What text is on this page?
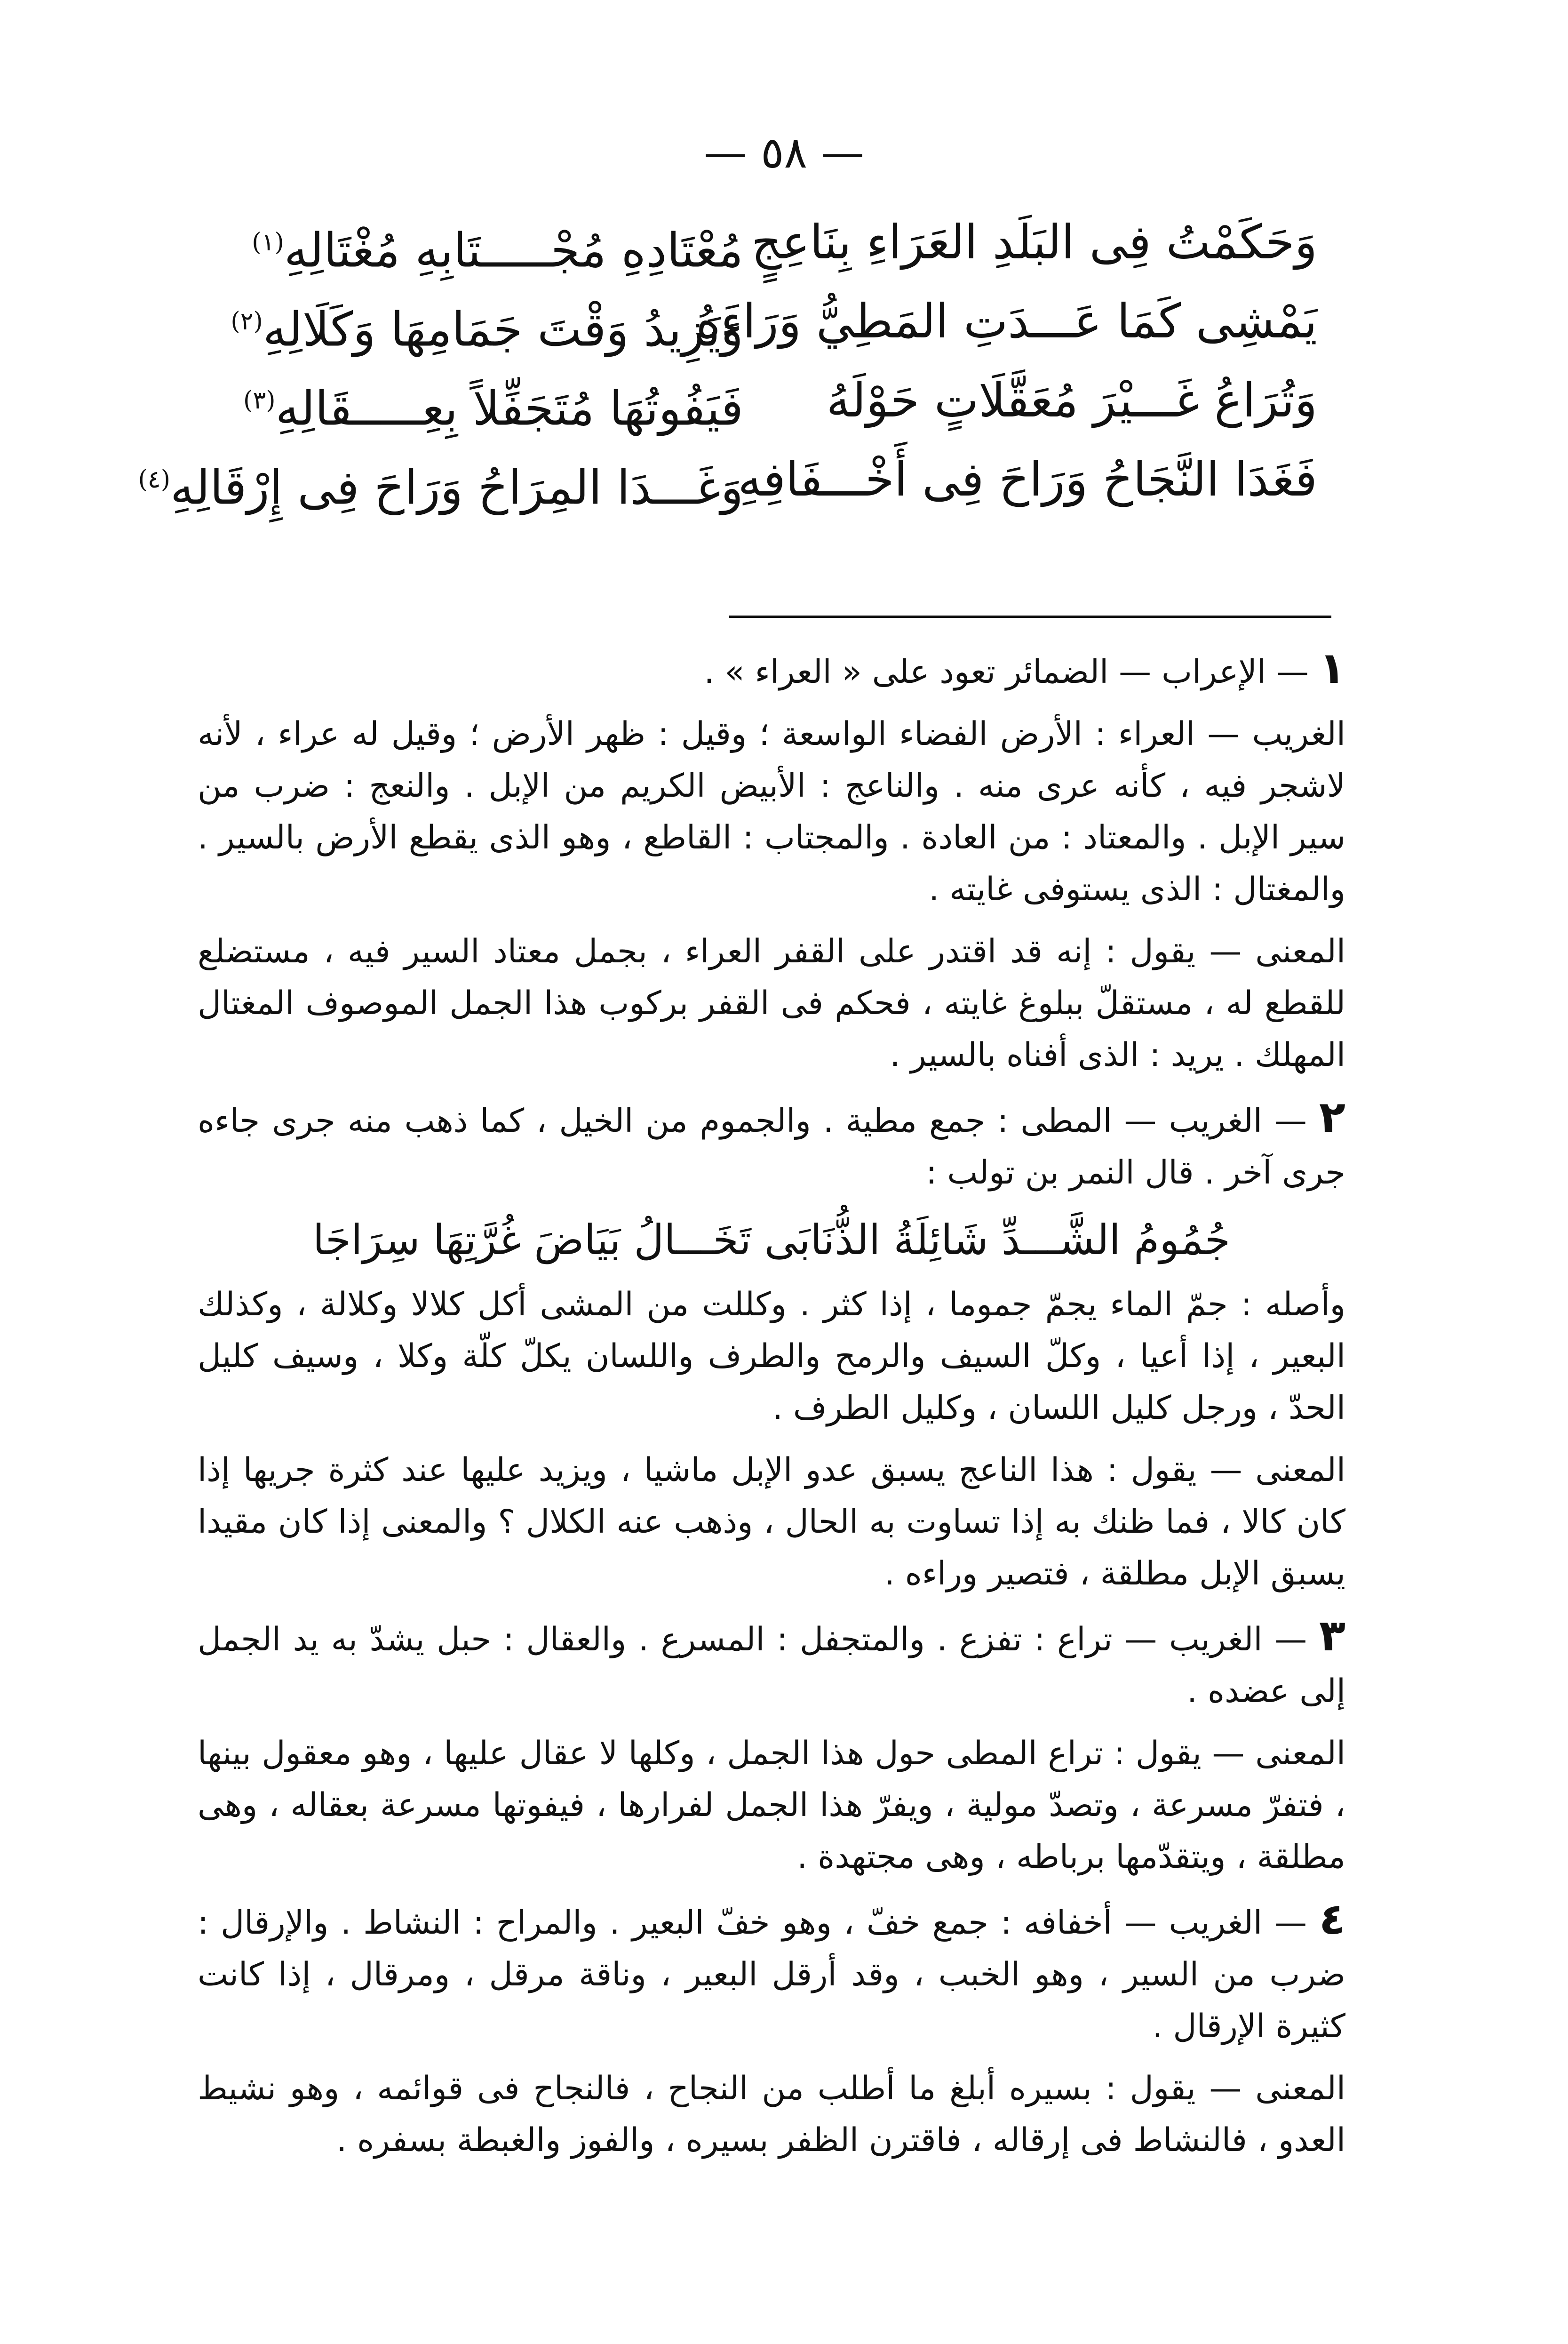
— ٥٨ —
وَحَكَمْتُ فِى البَلَدِ العَرَاءِ بِنَاعِجٍ
مُعْتَادِهِ مُجْـــــتَابِهِ مُغْتَالِهِ$^{(١)}$
يَمْشِى كَمَا عَـــدَتِ المَطِيُّ وَرَاءَهُ
وَيَزِيدُ وَقْتَ جَمَامِهَا وَكَلَالِهِ$^{(٢)}$
وَتُرَاعُ غَـــيْرَ مُعَقَّلَاتٍ حَوْلَهُ
فَيَفُوتُهَا مُتَجَفِّلاً بِعِـــــقَالِهِ$^{(٣)}$
فَغَدَا النَّجَاحُ وَرَاحَ فِى أَخْـــفَافِهِ
وَغَـــدَا المِرَاحُ وَرَاحَ فِى إِرْقَالِهِ$^{(٤)}$

١ — الإعراب — الضمائر تعود على « العراء » .

الغريب — العراء : الأرض الفضاء الواسعة ؛ وقيل : ظهر الأرض ؛ وقيل له عراء ، لأنه لاشجر فيه ، كأنه عرى منه . والناعج : الأبيض الكريم من الإبل . والنعج : ضرب من سير الإبل . والمعتاد : من العادة . والمجتاب : القاطع ، وهو الذى يقطع الأرض بالسير . والمغتال : الذى يستوفى غايته .

المعنى — يقول : إنه قد اقتدر على القفر العراء ، بجمل معتاد السير فيه ، مستضلع للقطع له ، مستقلّ ببلوغ غايته ، فحكم فى القفر بركوب هذا الجمل الموصوف المغتال المهلك . يريد : الذى أفناه بالسير .

٢ — الغريب — المطى : جمع مطية . والجموم من الخيل ، كما ذهب منه جرى جاءه جرى آخر . قال النمر بن تولب :

جُمُومُ الشَّـــدِّ شَائِلَةُ الذُّنَابَى تَخَـــالُ بَيَاضَ غُرَّتِهَا سِرَاجَا

وأصله : جمّ الماء يجمّ جموما ، إذا كثر . وكللت من المشى أكل كلالا وكلالة ، وكذلك البعير ، إذا أعيا ، وكلّ السيف والرمح والطرف واللسان يكلّ كلّة وكلا ، وسيف كليل الحدّ ، ورجل كليل اللسان ، وكليل الطرف .

المعنى — يقول : هذا الناعج يسبق عدو الإبل ماشيا ، ويزيد عليها عند كثرة جريها إذا كان كالا ، فما ظنك به إذا تساوت به الحال ، وذهب عنه الكلال ؟ والمعنى إذا كان مقيدا يسبق الإبل مطلقة ، فتصير وراءه .

٣ — الغريب — تراع : تفزع . والمتجفل : المسرع . والعقال : حبل يشدّ به يد الجمل إلى عضده .

المعنى — يقول : تراع المطى حول هذا الجمل ، وكلها لا عقال عليها ، وهو معقول بينها ، فتفرّ مسرعة ، وتصدّ مولية ، ويفرّ هذا الجمل لفرارها ، فيفوتها مسرعة بعقاله ، وهى مطلقة ، ويتقدّمها برباطه ، وهى مجتهدة .

٤ — الغريب — أخفافه : جمع خفّ ، وهو خفّ البعير . والمراح : النشاط . والإرقال : ضرب من السير ، وهو الخبب ، وقد أرقل البعير ، وناقة مرقل ، ومرقال ، إذا كانت كثيرة الإرقال .

المعنى — يقول : بسيره أبلغ ما أطلب من النجاح ، فالنجاح فى قوائمه ، وهو نشيط العدو ، فالنشاط فى إرقاله ، فاقترن الظفر بسيره ، والفوز والغبطة بسفره .
